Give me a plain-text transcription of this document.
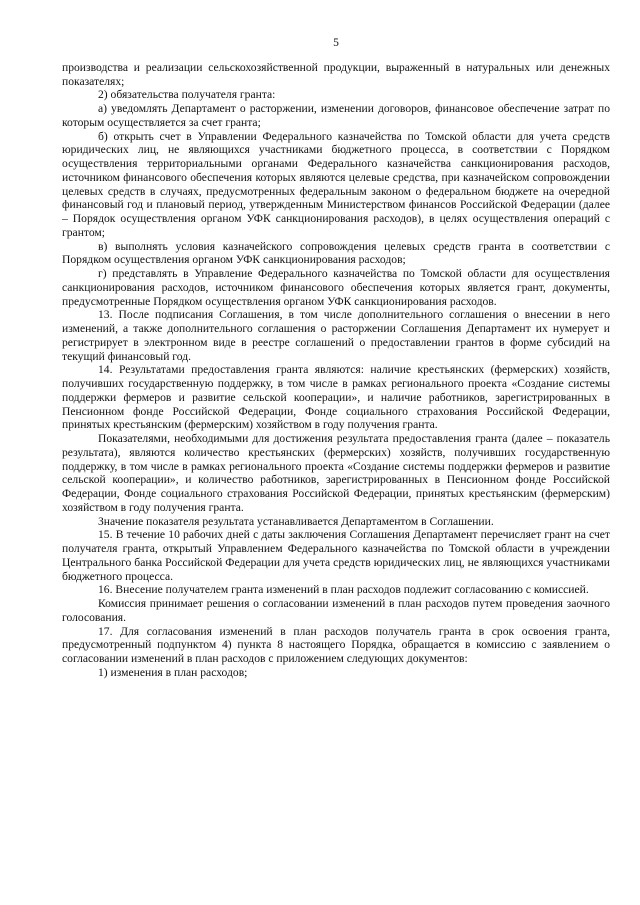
5

производства и реализации сельскохозяйственной продукции, выраженный в натуральных или денежных показателях;

2) обязательства получателя гранта:

а) уведомлять Департамент о расторжении, изменении договоров, финансовое обеспечение затрат по которым осуществляется за счет гранта;

б) открыть счет в Управлении Федерального казначейства по Томской области для учета средств юридических лиц, не являющихся участниками бюджетного процесса, в соответствии с Порядком осуществления территориальными органами Федерального казначейства санкционирования расходов, источником финансового обеспечения которых являются целевые средства, при казначейском сопровождении целевых средств в случаях, предусмотренных федеральным законом о федеральном бюджете на очередной финансовый год и плановый период, утвержденным Министерством финансов Российской Федерации (далее – Порядок осуществления органом УФК санкционирования расходов), в целях осуществления операций с грантом;

в) выполнять условия казначейского сопровождения целевых средств гранта в соответствии с Порядком осуществления органом УФК санкционирования расходов;

г) представлять в Управление Федерального казначейства по Томской области для осуществления санкционирования расходов, источником финансового обеспечения которых является грант, документы, предусмотренные Порядком осуществления органом УФК санкционирования расходов.

13. После подписания Соглашения, в том числе дополнительного соглашения о внесении в него изменений, а также дополнительного соглашения о расторжении Соглашения Департамент их нумерует и регистрирует в электронном виде в реестре соглашений о предоставлении грантов в форме субсидий на текущий финансовый год.

14. Результатами предоставления гранта являются: наличие крестьянских (фермерских) хозяйств, получивших государственную поддержку, в том числе в рамках регионального проекта «Создание системы поддержки фермеров и развитие сельской кооперации», и наличие работников, зарегистрированных в Пенсионном фонде Российской Федерации, Фонде социального страхования Российской Федерации, принятых крестьянским (фермерским) хозяйством в году получения гранта.

Показателями, необходимыми для достижения результата предоставления гранта (далее – показатель результата), являются количество крестьянских (фермерских) хозяйств, получивших государственную поддержку, в том числе в рамках регионального проекта «Создание системы поддержки фермеров и развитие сельской кооперации», и количество работников, зарегистрированных в Пенсионном фонде Российской Федерации, Фонде социального страхования Российской Федерации, принятых крестьянским (фермерским) хозяйством в году получения гранта.

Значение показателя результата устанавливается Департаментом в Соглашении.

15. В течение 10 рабочих дней с даты заключения Соглашения Департамент перечисляет грант на счет получателя гранта, открытый Управлением Федерального казначейства по Томской области в учреждении Центрального банка Российской Федерации для учета средств юридических лиц, не являющихся участниками бюджетного процесса.

16. Внесение получателем гранта изменений в план расходов подлежит согласованию с комиссией.

Комиссия принимает решения о согласовании изменений в план расходов путем проведения заочного голосования.

17. Для согласования изменений в план расходов получатель гранта в срок освоения гранта, предусмотренный подпунктом 4) пункта 8 настоящего Порядка, обращается в комиссию с заявлением о согласовании изменений в план расходов с приложением следующих документов:

1) изменения в план расходов;
